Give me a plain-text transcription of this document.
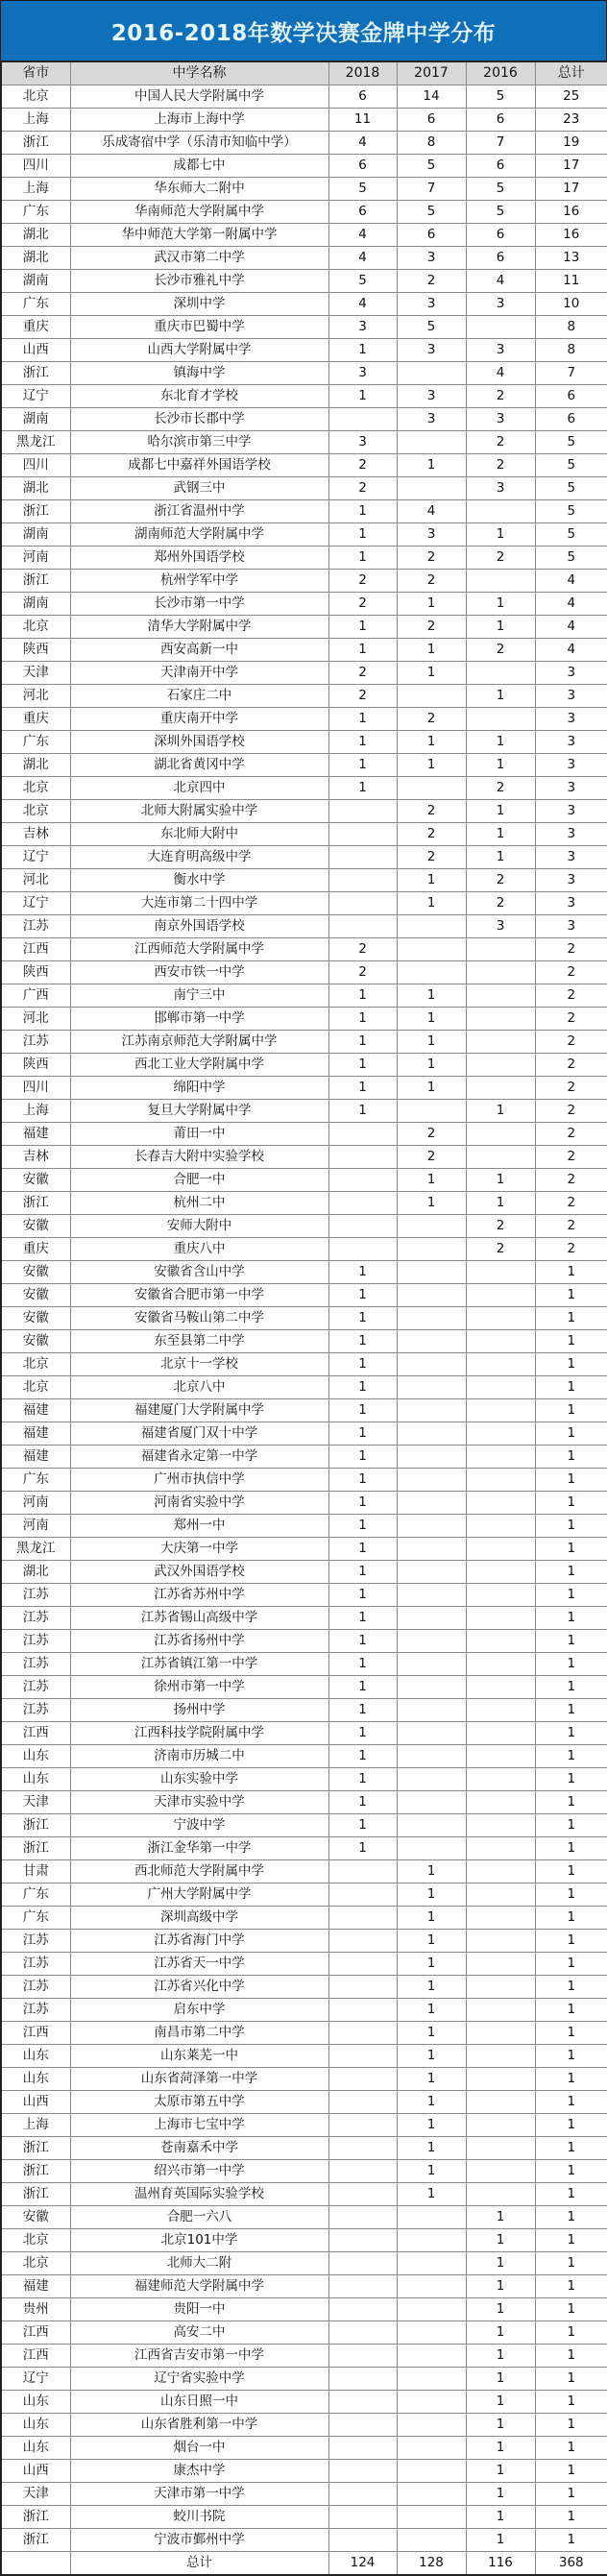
2016-2018年数学决赛金牌中学分布
省市	中学名称	2018	2017	2016	总计
北京	中国人民大学附属中学	6	14	5	25
上海	上海市上海中学	11	6	6	23
浙江	乐成寄宿中学（乐清市知临中学）	4	8	7	19
四川	成都七中	6	5	6	17
上海	华东师大二附中	5	7	5	17
广东	华南师范大学附属中学	6	5	5	16
湖北	华中师范大学第一附属中学	4	6	6	16
湖北	武汉市第二中学	4	3	6	13
湖南	长沙市雅礼中学	5	2	4	11
广东	深圳中学	4	3	3	10
重庆	重庆市巴蜀中学	3	5		8
山西	山西大学附属中学	1	3	3	8
浙江	镇海中学	3		4	7
辽宁	东北育才学校	1	3	2	6
湖南	长沙市长郡中学		3	3	6
黑龙江	哈尔滨市第三中学	3		2	5
四川	成都七中嘉祥外国语学校	2	1	2	5
湖北	武钢三中	2		3	5
浙江	浙江省温州中学	1	4		5
湖南	湖南师范大学附属中学	1	3	1	5
河南	郑州外国语学校	1	2	2	5
浙江	杭州学军中学	2	2		4
湖南	长沙市第一中学	2	1	1	4
北京	清华大学附属中学	1	2	1	4
陕西	西安高新一中	1	1	2	4
天津	天津南开中学	2	1		3
河北	石家庄二中	2		1	3
重庆	重庆南开中学	1	2		3
广东	深圳外国语学校	1	1	1	3
湖北	湖北省黄冈中学	1	1	1	3
北京	北京四中	1		2	3
北京	北师大附属实验中学		2	1	3
吉林	东北师大附中		2	1	3
辽宁	大连育明高级中学		2	1	3
河北	衡水中学		1	2	3
辽宁	大连市第二十四中学		1	2	3
江苏	南京外国语学校			3	3
江西	江西师范大学附属中学	2			2
陕西	西安市铁一中学	2			2
广西	南宁三中	1	1		2
河北	邯郸市第一中学	1	1		2
江苏	江苏南京师范大学附属中学	1	1		2
陕西	西北工业大学附属中学	1	1		2
四川	绵阳中学	1	1		2
上海	复旦大学附属中学	1		1	2
福建	莆田一中		2		2
吉林	长春吉大附中实验学校		2		2
安徽	合肥一中		1	1	2
浙江	杭州二中		1	1	2
安徽	安师大附中			2	2
重庆	重庆八中			2	2
安徽	安徽省含山中学	1			1
安徽	安徽省合肥市第一中学	1			1
安徽	安徽省马鞍山第二中学	1			1
安徽	东至县第二中学	1			1
北京	北京十一学校	1			1
北京	北京八中	1			1
福建	福建厦门大学附属中学	1			1
福建	福建省厦门双十中学	1			1
福建	福建省永定第一中学	1			1
广东	广州市执信中学	1			1
河南	河南省实验中学	1			1
河南	郑州一中	1			1
黑龙江	大庆第一中学	1			1
湖北	武汉外国语学校	1			1
江苏	江苏省苏州中学	1			1
江苏	江苏省锡山高级中学	1			1
江苏	江苏省扬州中学	1			1
江苏	江苏省镇江第一中学	1			1
江苏	徐州市第一中学	1			1
江苏	扬州中学	1			1
江西	江西科技学院附属中学	1			1
山东	济南市历城二中	1			1
山东	山东实验中学	1			1
天津	天津市实验中学	1			1
浙江	宁波中学	1			1
浙江	浙江金华第一中学	1			1
甘肃	西北师范大学附属中学		1		1
广东	广州大学附属中学		1		1
广东	深圳高级中学		1		1
江苏	江苏省海门中学		1		1
江苏	江苏省天一中学		1		1
江苏	江苏省兴化中学		1		1
江苏	启东中学		1		1
江西	南昌市第二中学		1		1
山东	山东莱芜一中		1		1
山东	山东省菏泽第一中学		1		1
山西	太原市第五中学		1		1
上海	上海市七宝中学		1		1
浙江	苍南嘉禾中学		1		1
浙江	绍兴市第一中学		1		1
浙江	温州育英国际实验学校		1		1
安徽	合肥一六八			1	1
北京	北京101中学			1	1
北京	北师大二附			1	1
福建	福建师范大学附属中学			1	1
贵州	贵阳一中			1	1
江西	高安二中			1	1
江西	江西省吉安市第一中学			1	1
辽宁	辽宁省实验中学			1	1
山东	山东日照一中			1	1
山东	山东省胜利第一中学			1	1
山东	烟台一中			1	1
山西	康杰中学			1	1
天津	天津市第一中学			1	1
浙江	蛟川书院			1	1
浙江	宁波市鄞州中学			1	1
	总计	124	128	116	368
